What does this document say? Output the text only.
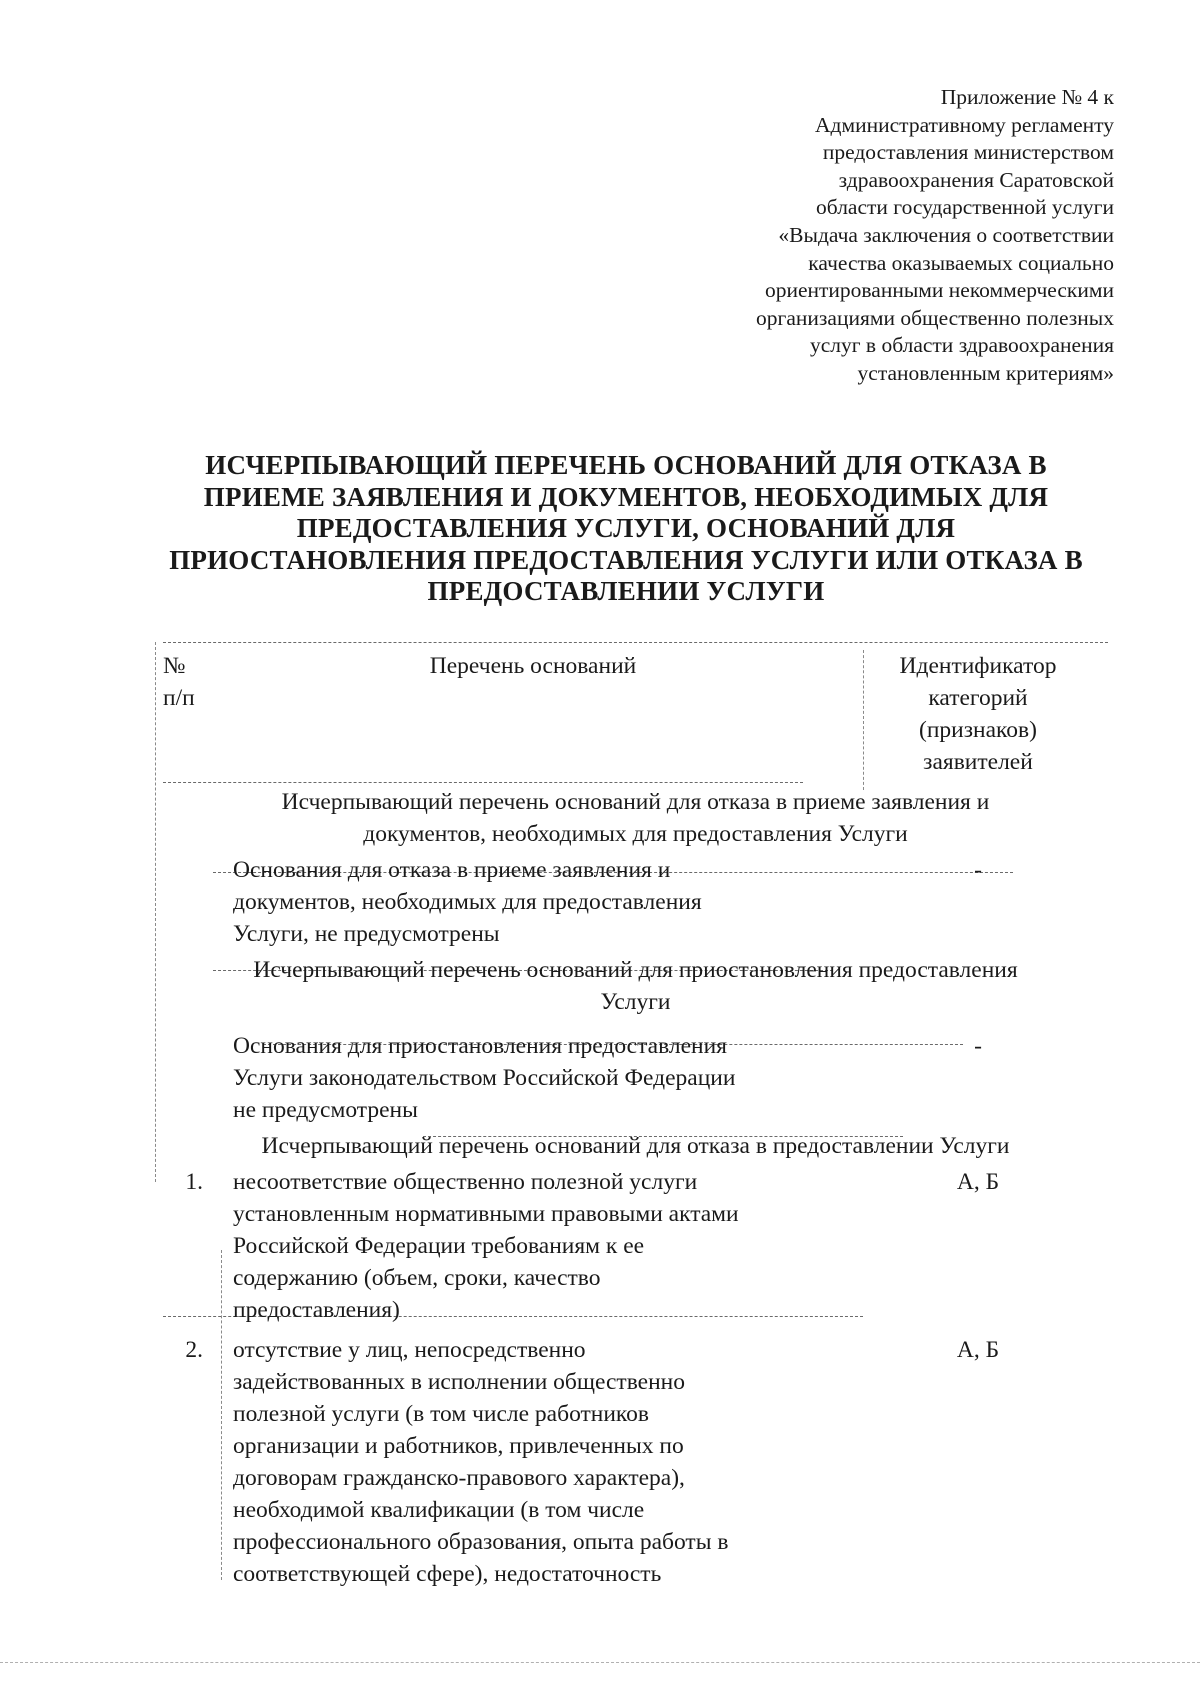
Приложение № 4 к
Административному регламенту
предоставления министерством
здравоохранения Саратовской
области государственной услуги
«Выдача заключения о соответствии
качества оказываемых социально
ориентированными некоммерческими
организациями общественно полезных
услуг в области здравоохранения
установленным критериям»
ИСЧЕРПЫВАЮЩИЙ ПЕРЕЧЕНЬ ОСНОВАНИЙ ДЛЯ ОТКАЗА В
ПРИЕМЕ ЗАЯВЛЕНИЯ И ДОКУМЕНТОВ, НЕОБХОДИМЫХ ДЛЯ
ПРЕДОСТАВЛЕНИЯ УСЛУГИ, ОСНОВАНИЙ ДЛЯ
ПРИОСТАНОВЛЕНИЯ ПРЕДОСТАВЛЕНИЯ УСЛУГИ ИЛИ ОТКАЗА В
ПРЕДОСТАВЛЕНИИ УСЛУГИ
№
п/п
Перечень оснований	Идентификатор
категорий
(признаков)
заявителей
Исчерпывающий перечень оснований для отказа в приеме заявления и
документов, необходимых для предоставления Услуги
Основания для отказа в приеме заявления и
документов, необходимых для предоставления
Услуги, не предусмотрены
-
Исчерпывающий перечень оснований для приостановления предоставления
Услуги
Основания для приостановления предоставления
Услуги законодательством Российской Федерации
не предусмотрены
-
Исчерпывающий перечень оснований для отказа в предоставлении Услуги
1. несоответствие общественно полезной услуги
установленным нормативными правовыми актами
Российской Федерации требованиям к ее
содержанию (объем, сроки, качество
предоставления)
А, Б
2. отсутствие у лиц, непосредственно
задействованных в исполнении общественно
полезной услуги (в том числе работников
организации и работников, привлеченных по
договорам гражданско-правового характера),
необходимой квалификации (в том числе
профессионального образования, опыта работы в
соответствующей сфере), недостаточность
А, Б
